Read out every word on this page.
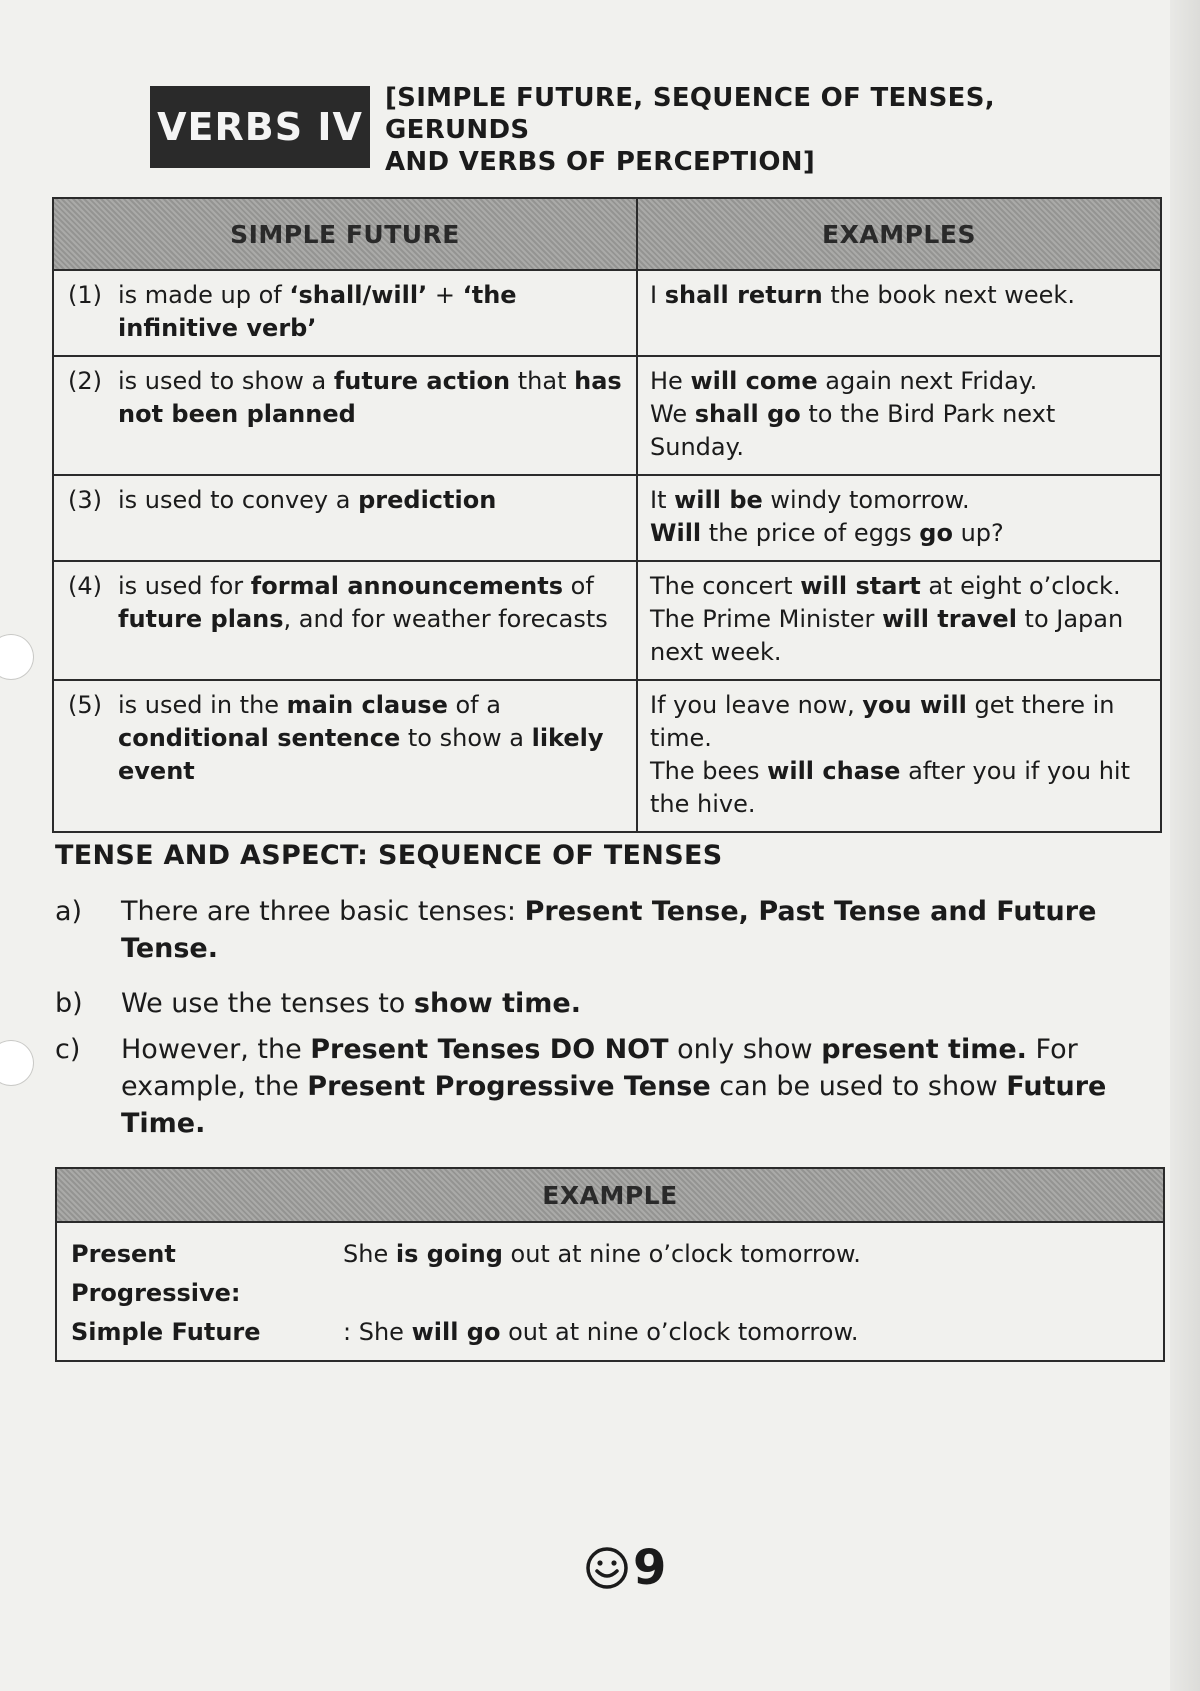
VERBS IV
[SIMPLE FUTURE, SEQUENCE OF TENSES, GERUNDS
AND VERBS OF PERCEPTION]
SIMPLE FUTURE	EXAMPLES

(1) is made up of ‘shall/will’ + ‘the infinitive verb’	I shall return the book next week.

(2) is used to show a future action that has not been planned	He will come again next Friday.
We shall go to the Bird Park next Sunday.

(3) is used to convey a prediction	It will be windy tomorrow.
Will the price of eggs go up?

(4) is used for formal announcements of future plans, and for weather forecasts	The concert will start at eight o’clock.
The Prime Minister will travel to Japan next week.

(5) is used in the main clause of a conditional sentence to show a likely event	If you leave now, you will get there in time.
The bees will chase after you if you hit the hive.
TENSE AND ASPECT: SEQUENCE OF TENSES
a)	There are three basic tenses: Present Tense, Past Tense and Future Tense.
b)	We use the tenses to show time.
c)	However, the Present Tenses DO NOT only show present time. For example, the Present Progressive Tense can be used to show Future Time.
EXAMPLE

Present Progressive:
She is going out at nine o’clock tomorrow.
Simple Future	: She will go out at nine o’clock tomorrow.
9
